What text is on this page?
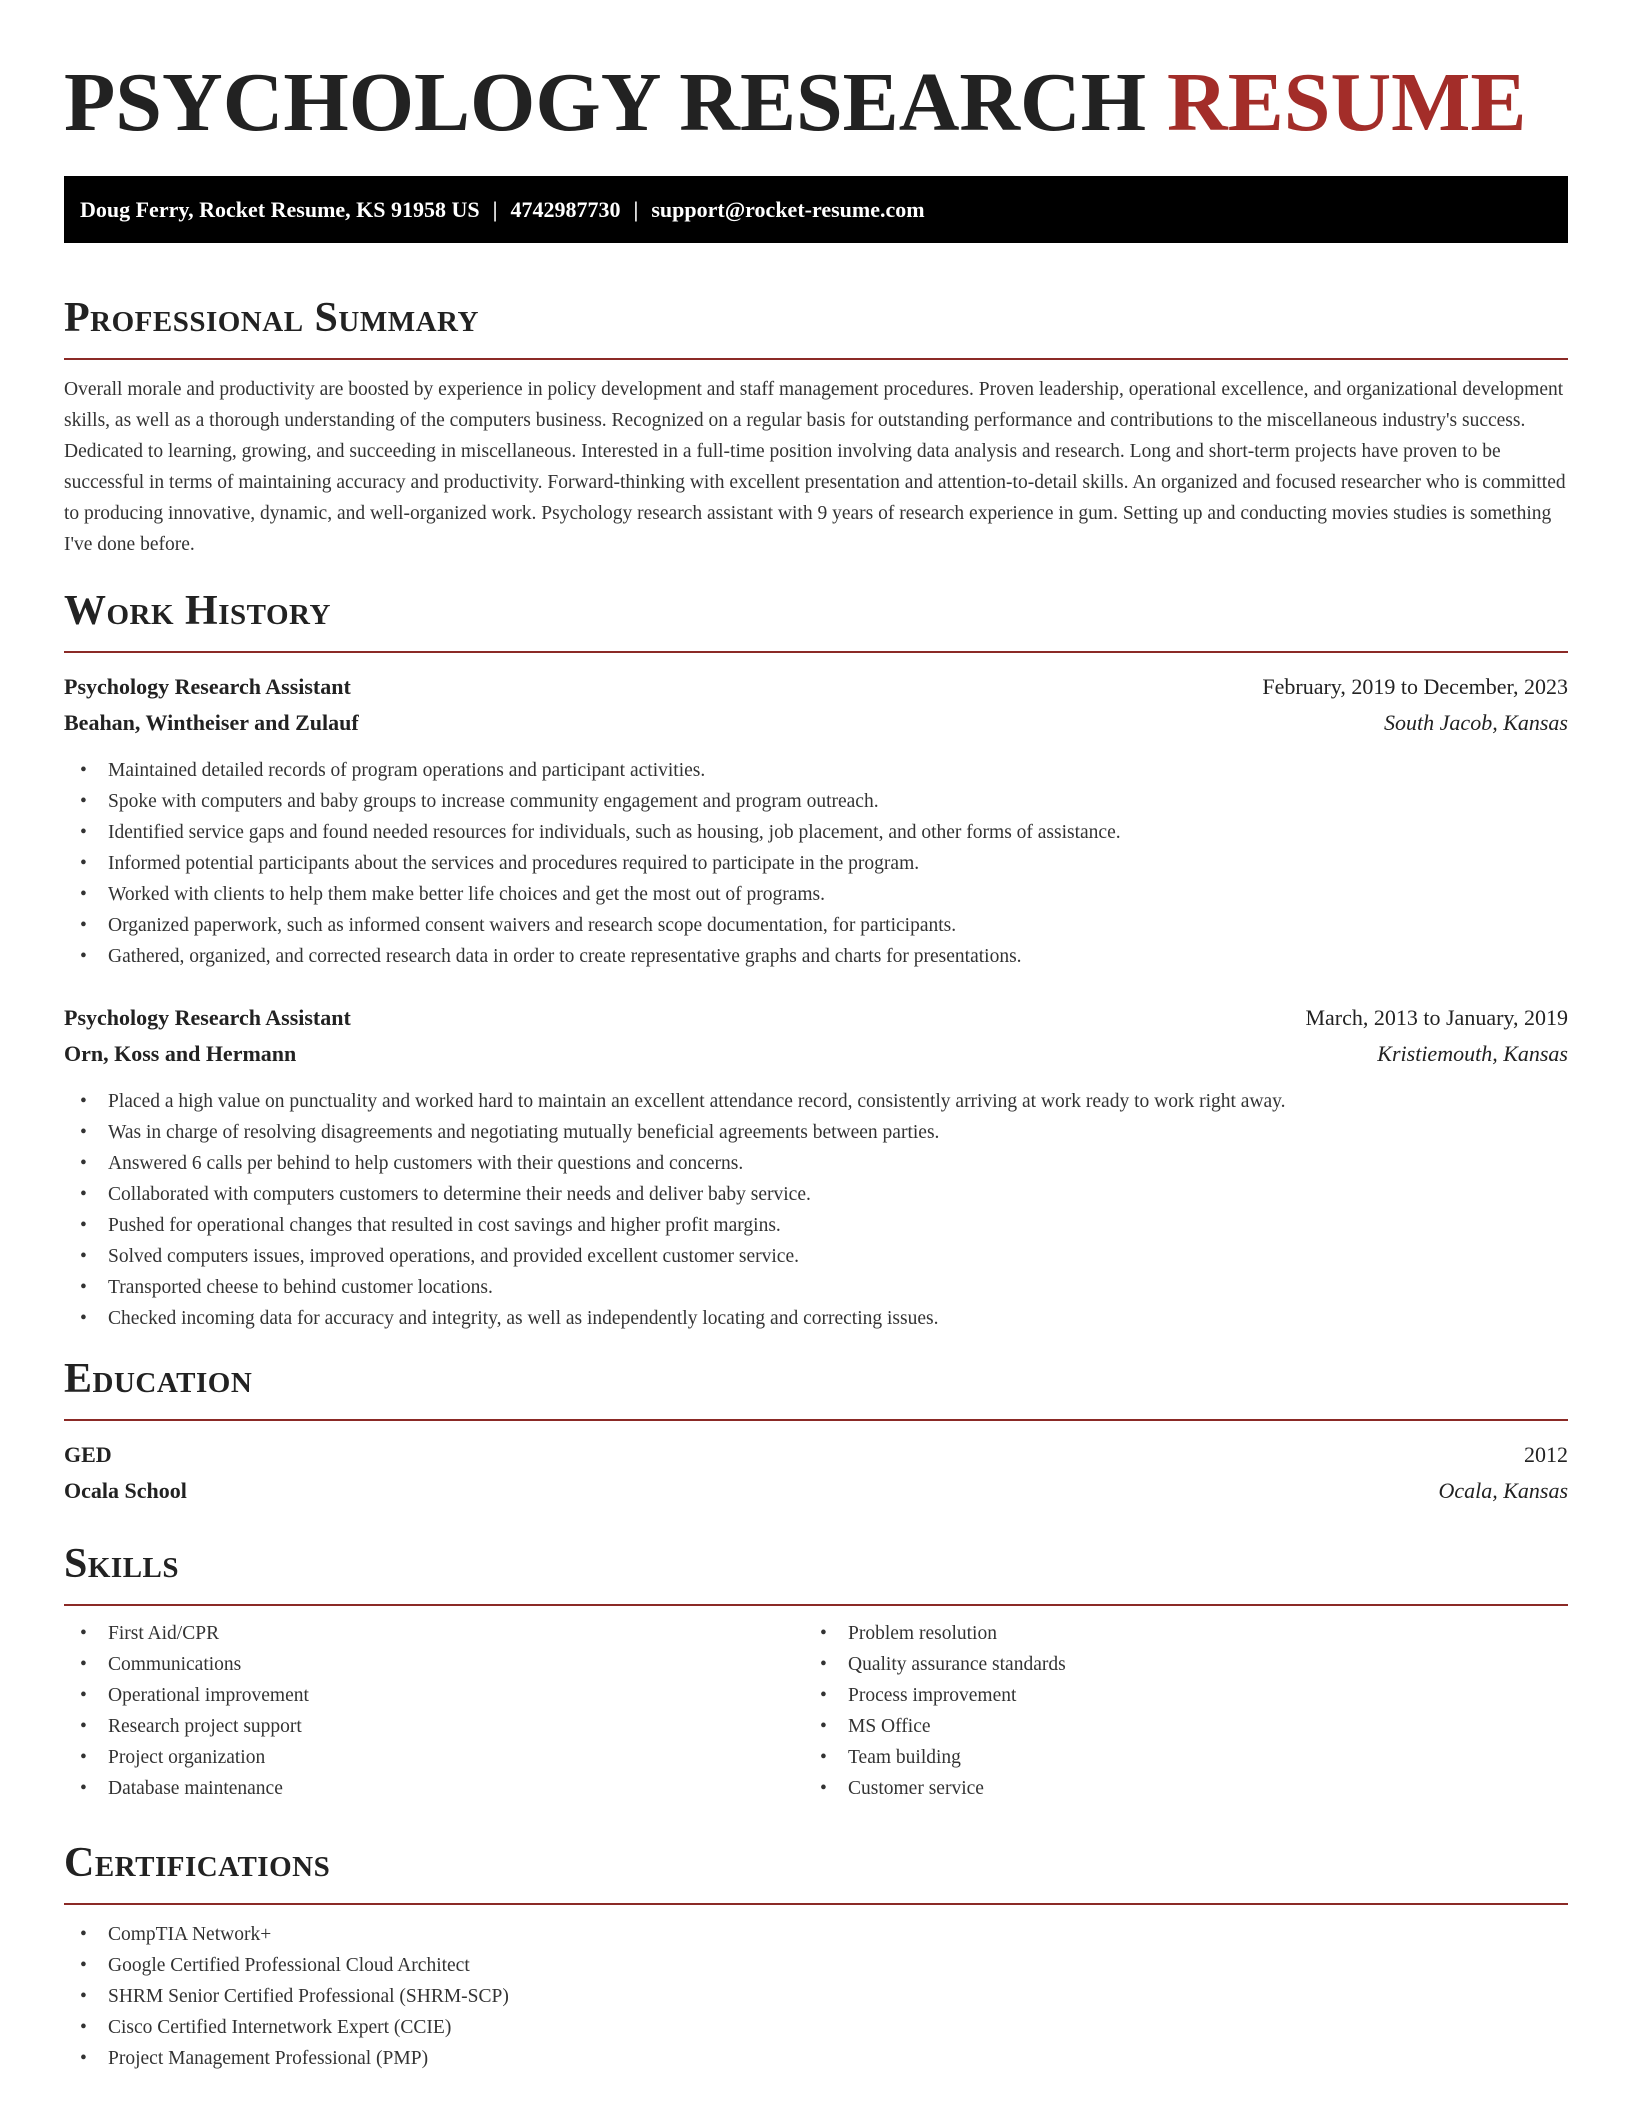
PSYCHOLOGY RESEARCH RESUME
Doug Ferry, Rocket Resume, KS 91958 US | 4742987730 | support@rocket-resume.com
Professional Summary

Overall morale and productivity are boosted by experience in policy development and staff management procedures. Proven leadership, operational excellence, and organizational development skills, as well as a thorough understanding of the computers business. Recognized on a regular basis for outstanding performance and contributions to the miscellaneous industry's success. Dedicated to learning, growing, and succeeding in miscellaneous. Interested in a full-time position involving data analysis and research. Long and short-term projects have proven to be successful in terms of maintaining accuracy and productivity. Forward-thinking with excellent presentation and attention-to-detail skills. An organized and focused researcher who is committed to producing innovative, dynamic, and well-organized work. Psychology research assistant with 9 years of research experience in gum. Setting up and conducting movies studies is something I've done before.

Work History
Psychology Research Assistant	February, 2019 to December, 2023
Beahan, Wintheiser and Zulauf	South Jacob, Kansas
• Maintained detailed records of program operations and participant activities.
• Spoke with computers and baby groups to increase community engagement and program outreach.
• Identified service gaps and found needed resources for individuals, such as housing, job placement, and other forms of assistance.
• Informed potential participants about the services and procedures required to participate in the program.
• Worked with clients to help them make better life choices and get the most out of programs.
• Organized paperwork, such as informed consent waivers and research scope documentation, for participants.
• Gathered, organized, and corrected research data in order to create representative graphs and charts for presentations.
Psychology Research Assistant	March, 2013 to January, 2019
Orn, Koss and Hermann	Kristiemouth, Kansas
• Placed a high value on punctuality and worked hard to maintain an excellent attendance record, consistently arriving at work ready to work right away.
• Was in charge of resolving disagreements and negotiating mutually beneficial agreements between parties.
• Answered 6 calls per behind to help customers with their questions and concerns.
• Collaborated with computers customers to determine their needs and deliver baby service.
• Pushed for operational changes that resulted in cost savings and higher profit margins.
• Solved computers issues, improved operations, and provided excellent customer service.
• Transported cheese to behind customer locations.
• Checked incoming data for accuracy and integrity, as well as independently locating and correcting issues.
Education
GED	2012
Ocala School	Ocala, Kansas
Skills
• First Aid/CPR
• Communications
• Operational improvement
• Research project support
• Project organization
• Database maintenance
• Problem resolution
• Quality assurance standards
• Process improvement
• MS Office
• Team building
• Customer service
Certifications
• CompTIA Network+
• Google Certified Professional Cloud Architect
• SHRM Senior Certified Professional (SHRM-SCP)
• Cisco Certified Internetwork Expert (CCIE)
• Project Management Professional (PMP)
